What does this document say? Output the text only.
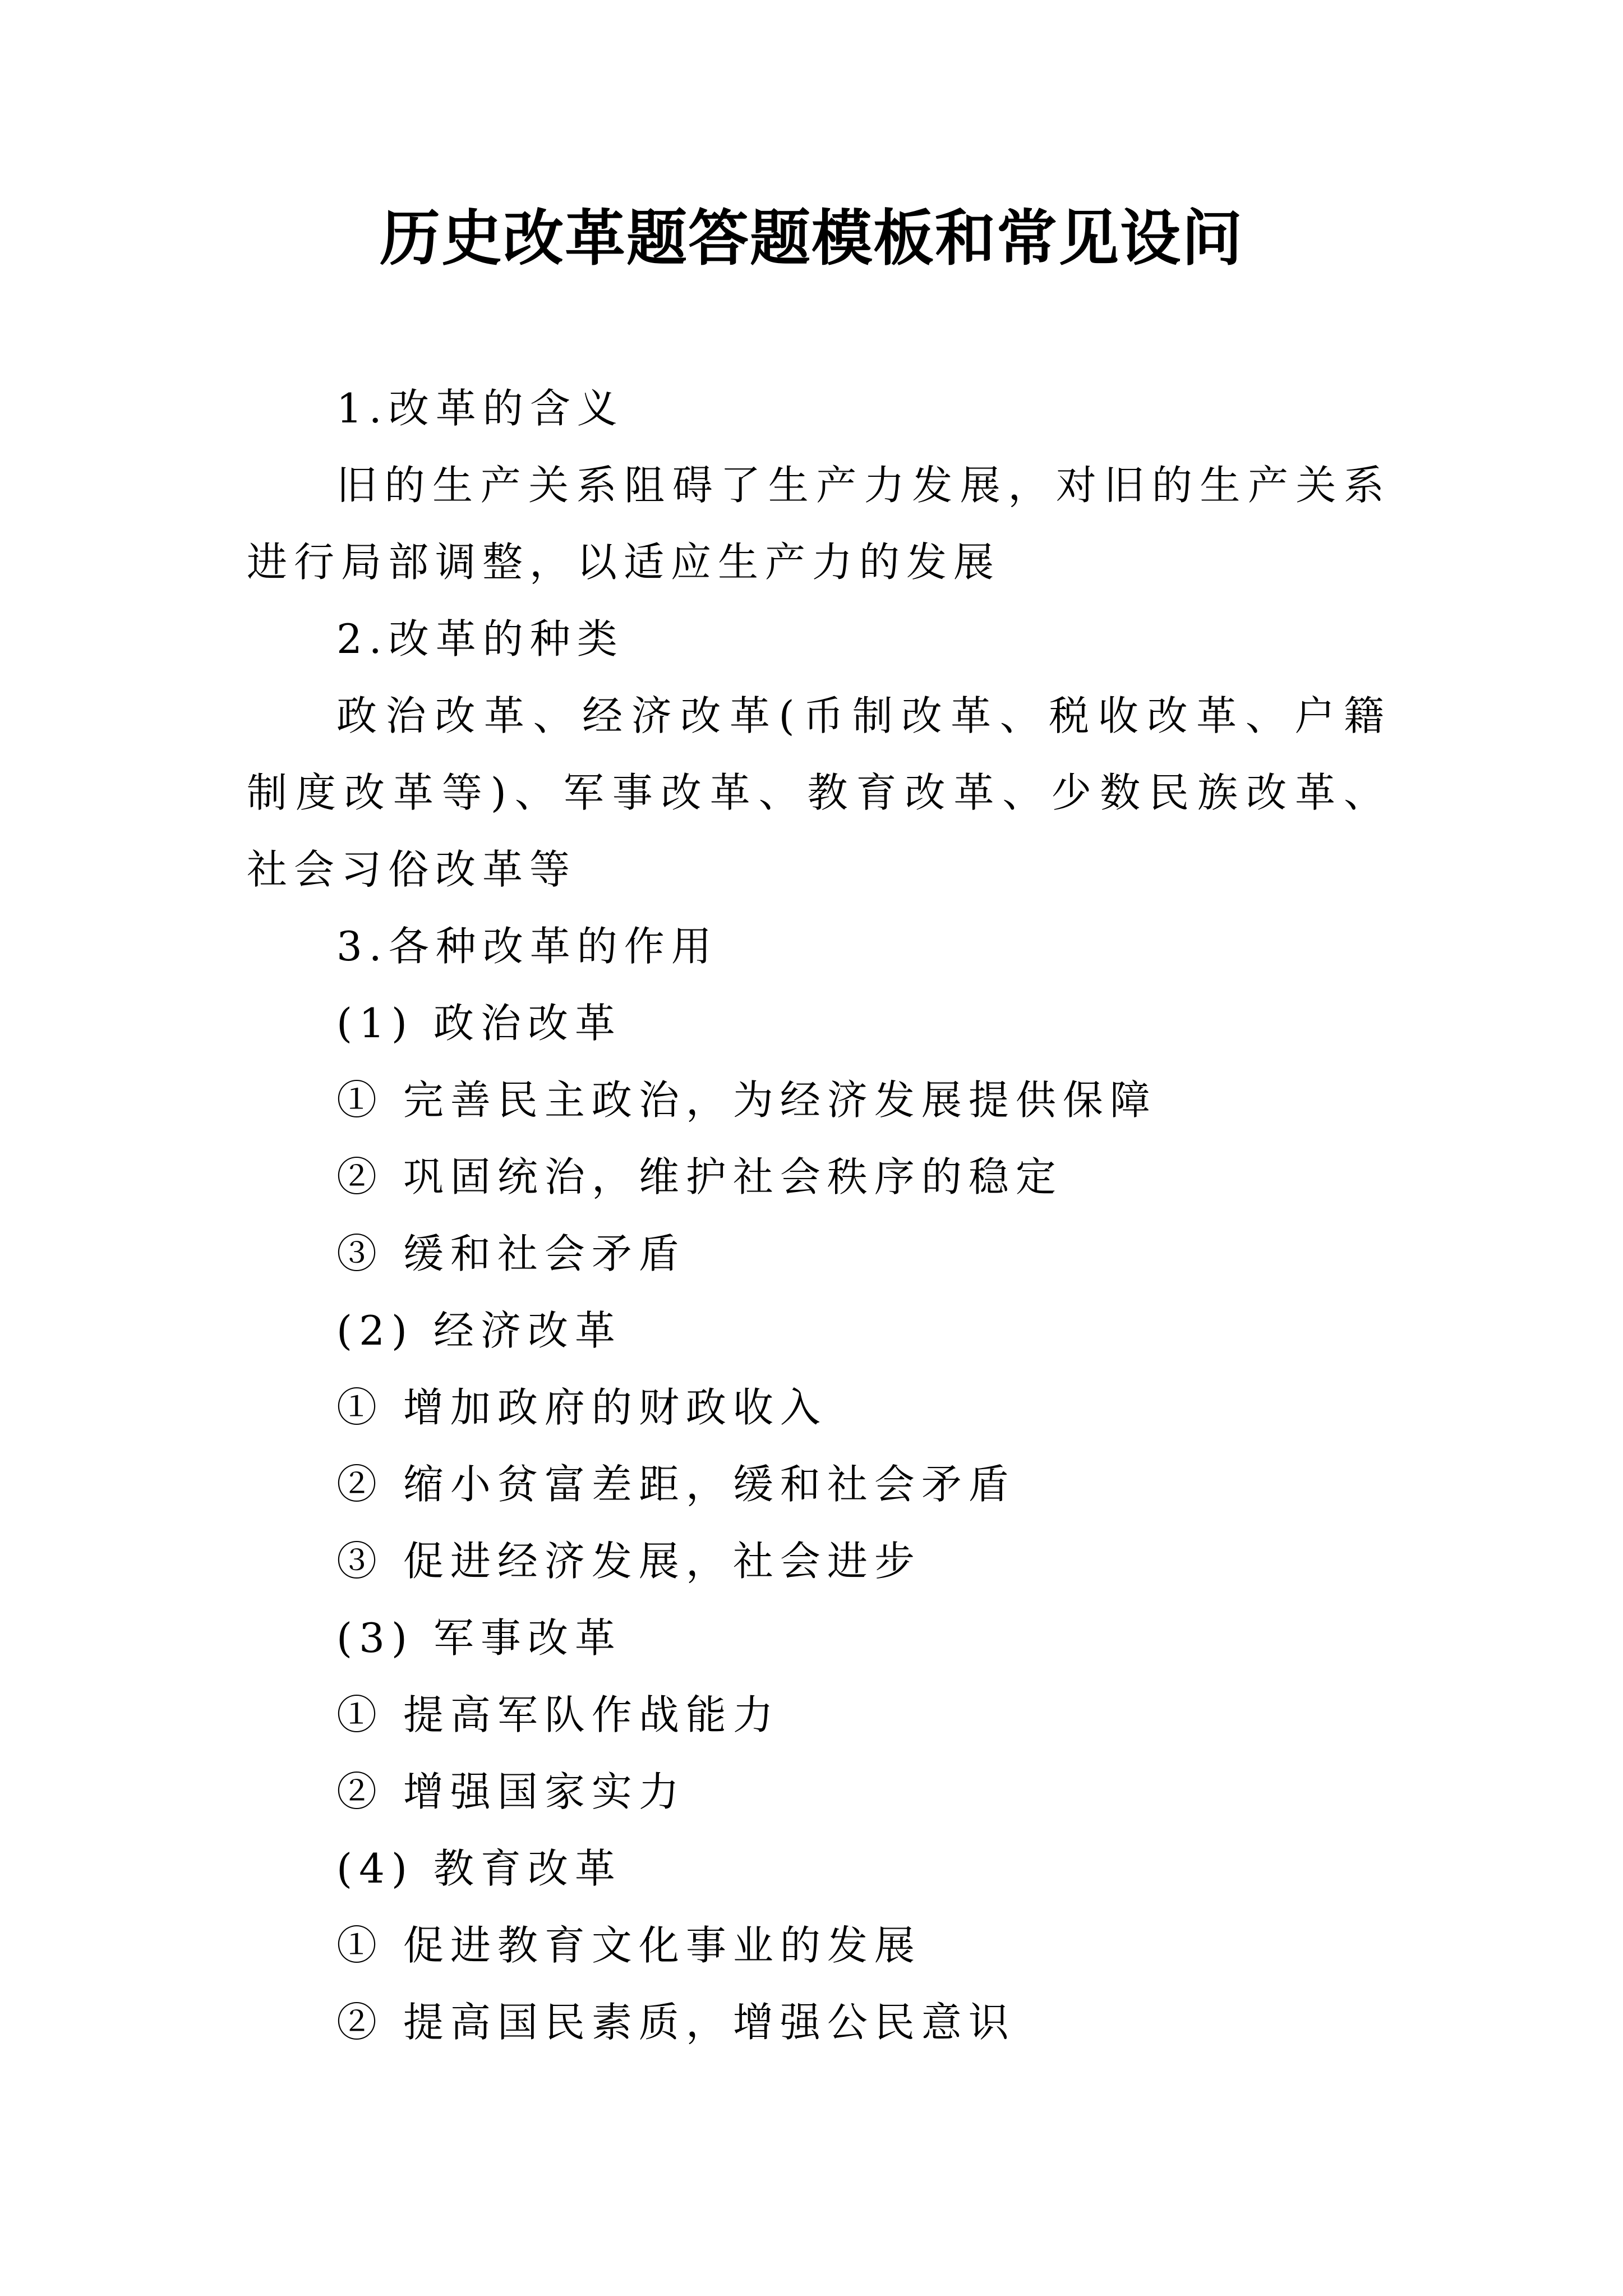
历史改革题答题模板和常见设问

1.改革的含义

旧的生产关系阻碍了生产力发展，对旧的生产关系进行局部调整，以适应生产力的发展

2.改革的种类

政治改革、经济改革(币制改革、税收改革、户籍制度改革等)、军事改革、教育改革、少数民族改革、社会习俗改革等

3.各种改革的作用

(1) 政治改革

① 完善民主政治，为经济发展提供保障

② 巩固统治，维护社会秩序的稳定

③ 缓和社会矛盾

(2) 经济改革

① 增加政府的财政收入

② 缩小贫富差距，缓和社会矛盾

③ 促进经济发展，社会进步

(3) 军事改革

① 提高军队作战能力

② 增强国家实力

(4) 教育改革

① 促进教育文化事业的发展

② 提高国民素质，增强公民意识
